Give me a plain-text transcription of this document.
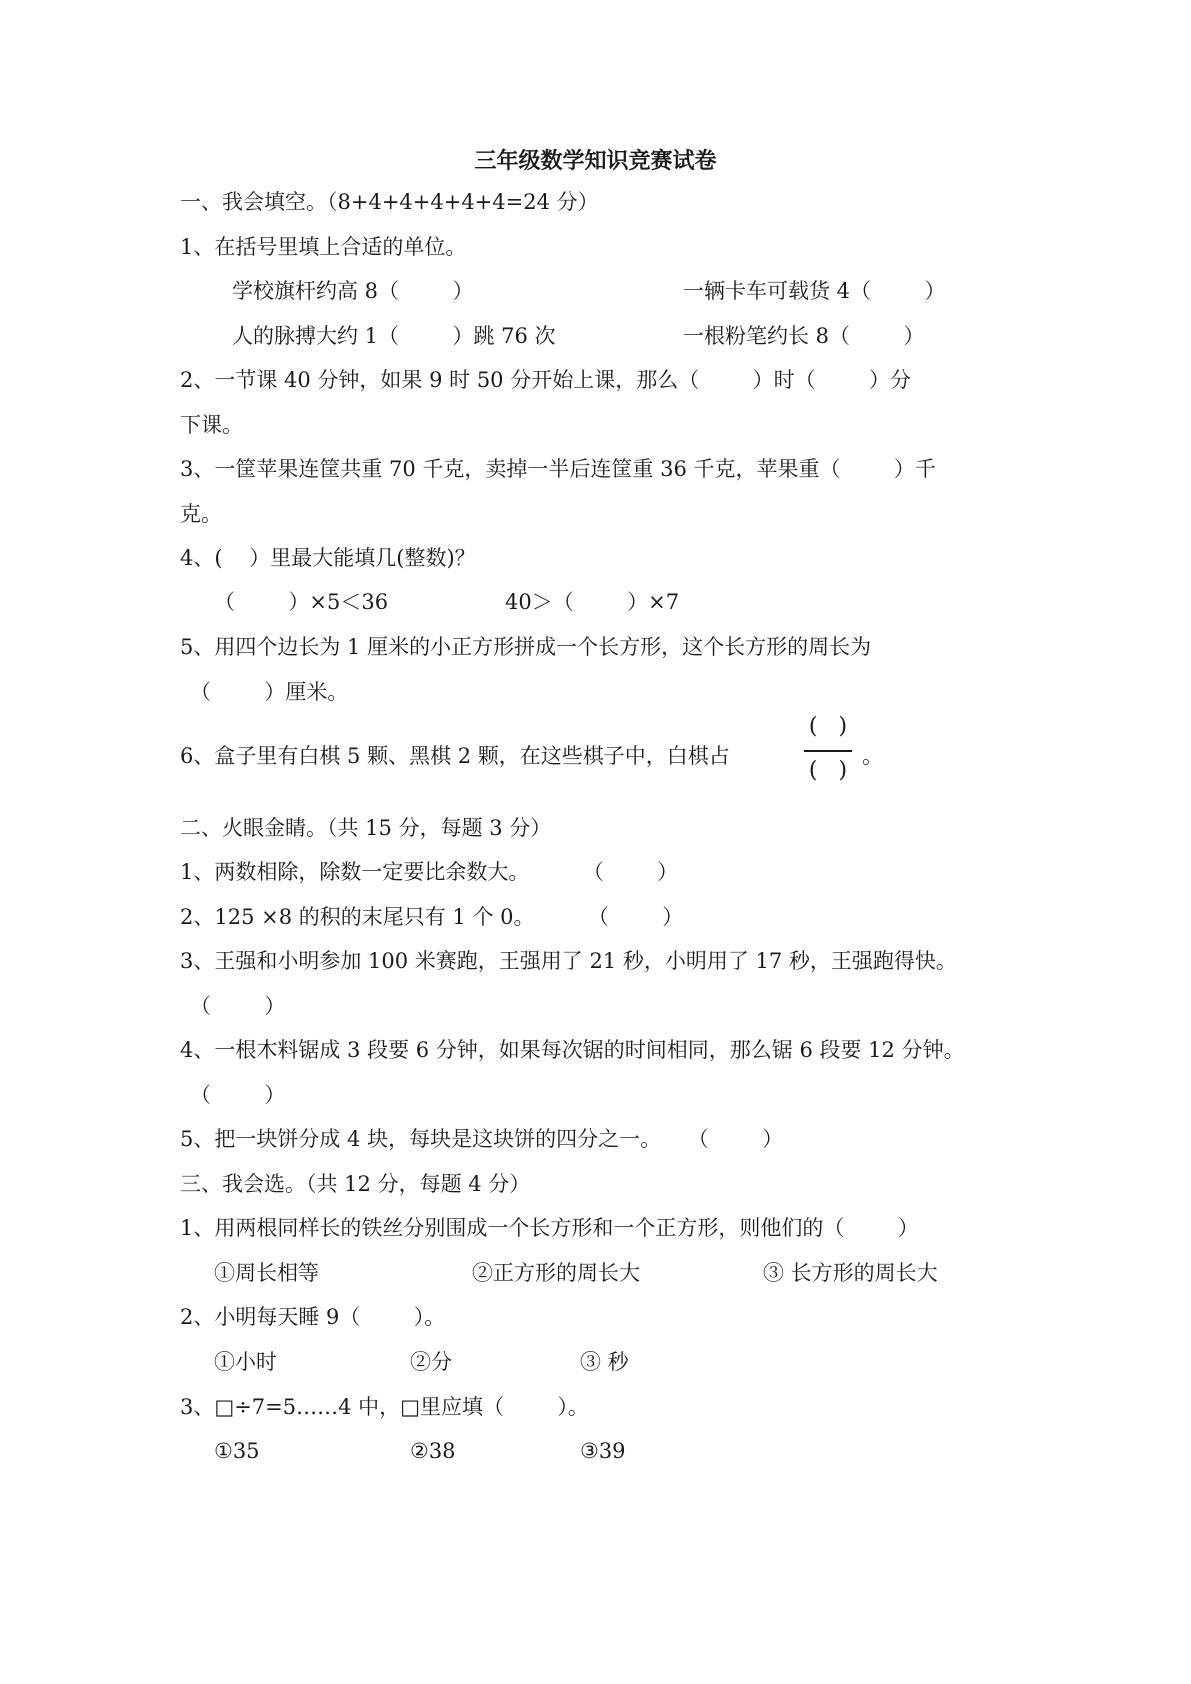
三年级数学知识竞赛试卷
一、我会填空。（8+4+4+4+4+4=24 分）
1、在括号里填上合适的单位。
学校旗杆约高 8（        ）	一辆卡车可载货 4（        ）
人的脉搏大约 1（        ）跳 76 次	一根粉笔约长 8（        ）
2、一节课 40 分钟，如果 9 时 50 分开始上课，那么（        ）时（        ）分
下课。
3、一筐苹果连筐共重 70 千克，卖掉一半后连筐重 36 千克，苹果重（        ）千
克。
4、(    ）里最大能填几(整数)？
（        ）×5＜36	40＞（        ）×7
5、用四个边长为 1 厘米的小正方形拼成一个长方形，这个长方形的周长为
（        ）厘米。
6、盒子里有白棋 5 颗、黑棋 2 颗，在这些棋子中，白棋占
(   )
(   )
。
二、火眼金睛。（共 15 分，每题 3 分）
1、两数相除，除数一定要比余数大。        （        ）
2、125 ×8 的积的末尾只有 1 个 0。        （        ）
3、王强和小明参加 100 米赛跑，王强用了 21 秒，小明用了 17 秒，王强跑得快。
（        ）
4、一根木料锯成 3 段要 6 分钟，如果每次锯的时间相同，那么锯 6 段要 12 分钟。
（        ）
5、把一块饼分成 4 块，每块是这块饼的四分之一。    （        ）
三、我会选。（共 12 分，每题 4 分）
1、用两根同样长的铁丝分别围成一个长方形和一个正方形，则他们的（        ）
①周长相等	②正方形的周长大	③ 长方形的周长大
2、小明每天睡 9（        ）。
①小时	②分	③ 秒
3、□÷7=5……4 中，□里应填（        ）。
①35	②38	③39
